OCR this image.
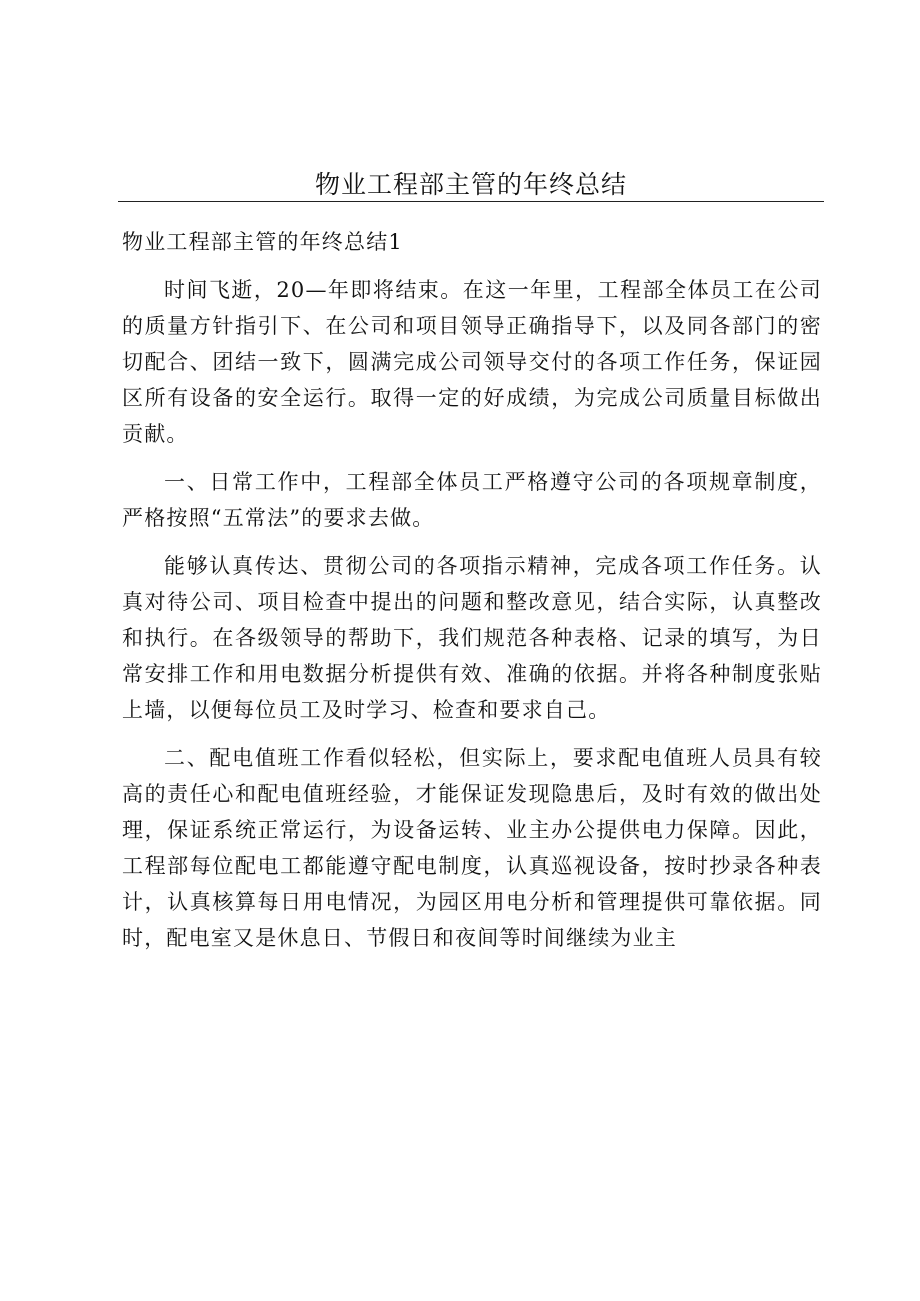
物业工程部主管的年终总结

物业工程部主管的年终总结1

时间飞逝，20—年即将结束。在这一年里，工程部全体员工在公司的质量方针指引下、在公司和项目领导正确指导下，以及同各部门的密切配合、团结一致下，圆满完成公司领导交付的各项工作任务，保证园区所有设备的安全运行。取得一定的好成绩，为完成公司质量目标做出贡献。

一、日常工作中，工程部全体员工严格遵守公司的各项规章制度，严格按照“五常法”的要求去做。

能够认真传达、贯彻公司的各项指示精神，完成各项工作任务。认真对待公司、项目检查中提出的问题和整改意见，结合实际，认真整改和执行。在各级领导的帮助下，我们规范各种表格、记录的填写，为日常安排工作和用电数据分析提供有效、准确的依据。并将各种制度张贴上墙，以便每位员工及时学习、检查和要求自己。

二、配电值班工作看似轻松，但实际上，要求配电值班人员具有较高的责任心和配电值班经验，才能保证发现隐患后，及时有效的做出处理，保证系统正常运行，为设备运转、业主办公提供电力保障。因此，工程部每位配电工都能遵守配电制度，认真巡视设备，按时抄录各种表计，认真核算每日用电情况，为园区用电分析和管理提供可靠依据。同时，配电室又是休息日、节假日和夜间等时间继续为业主
